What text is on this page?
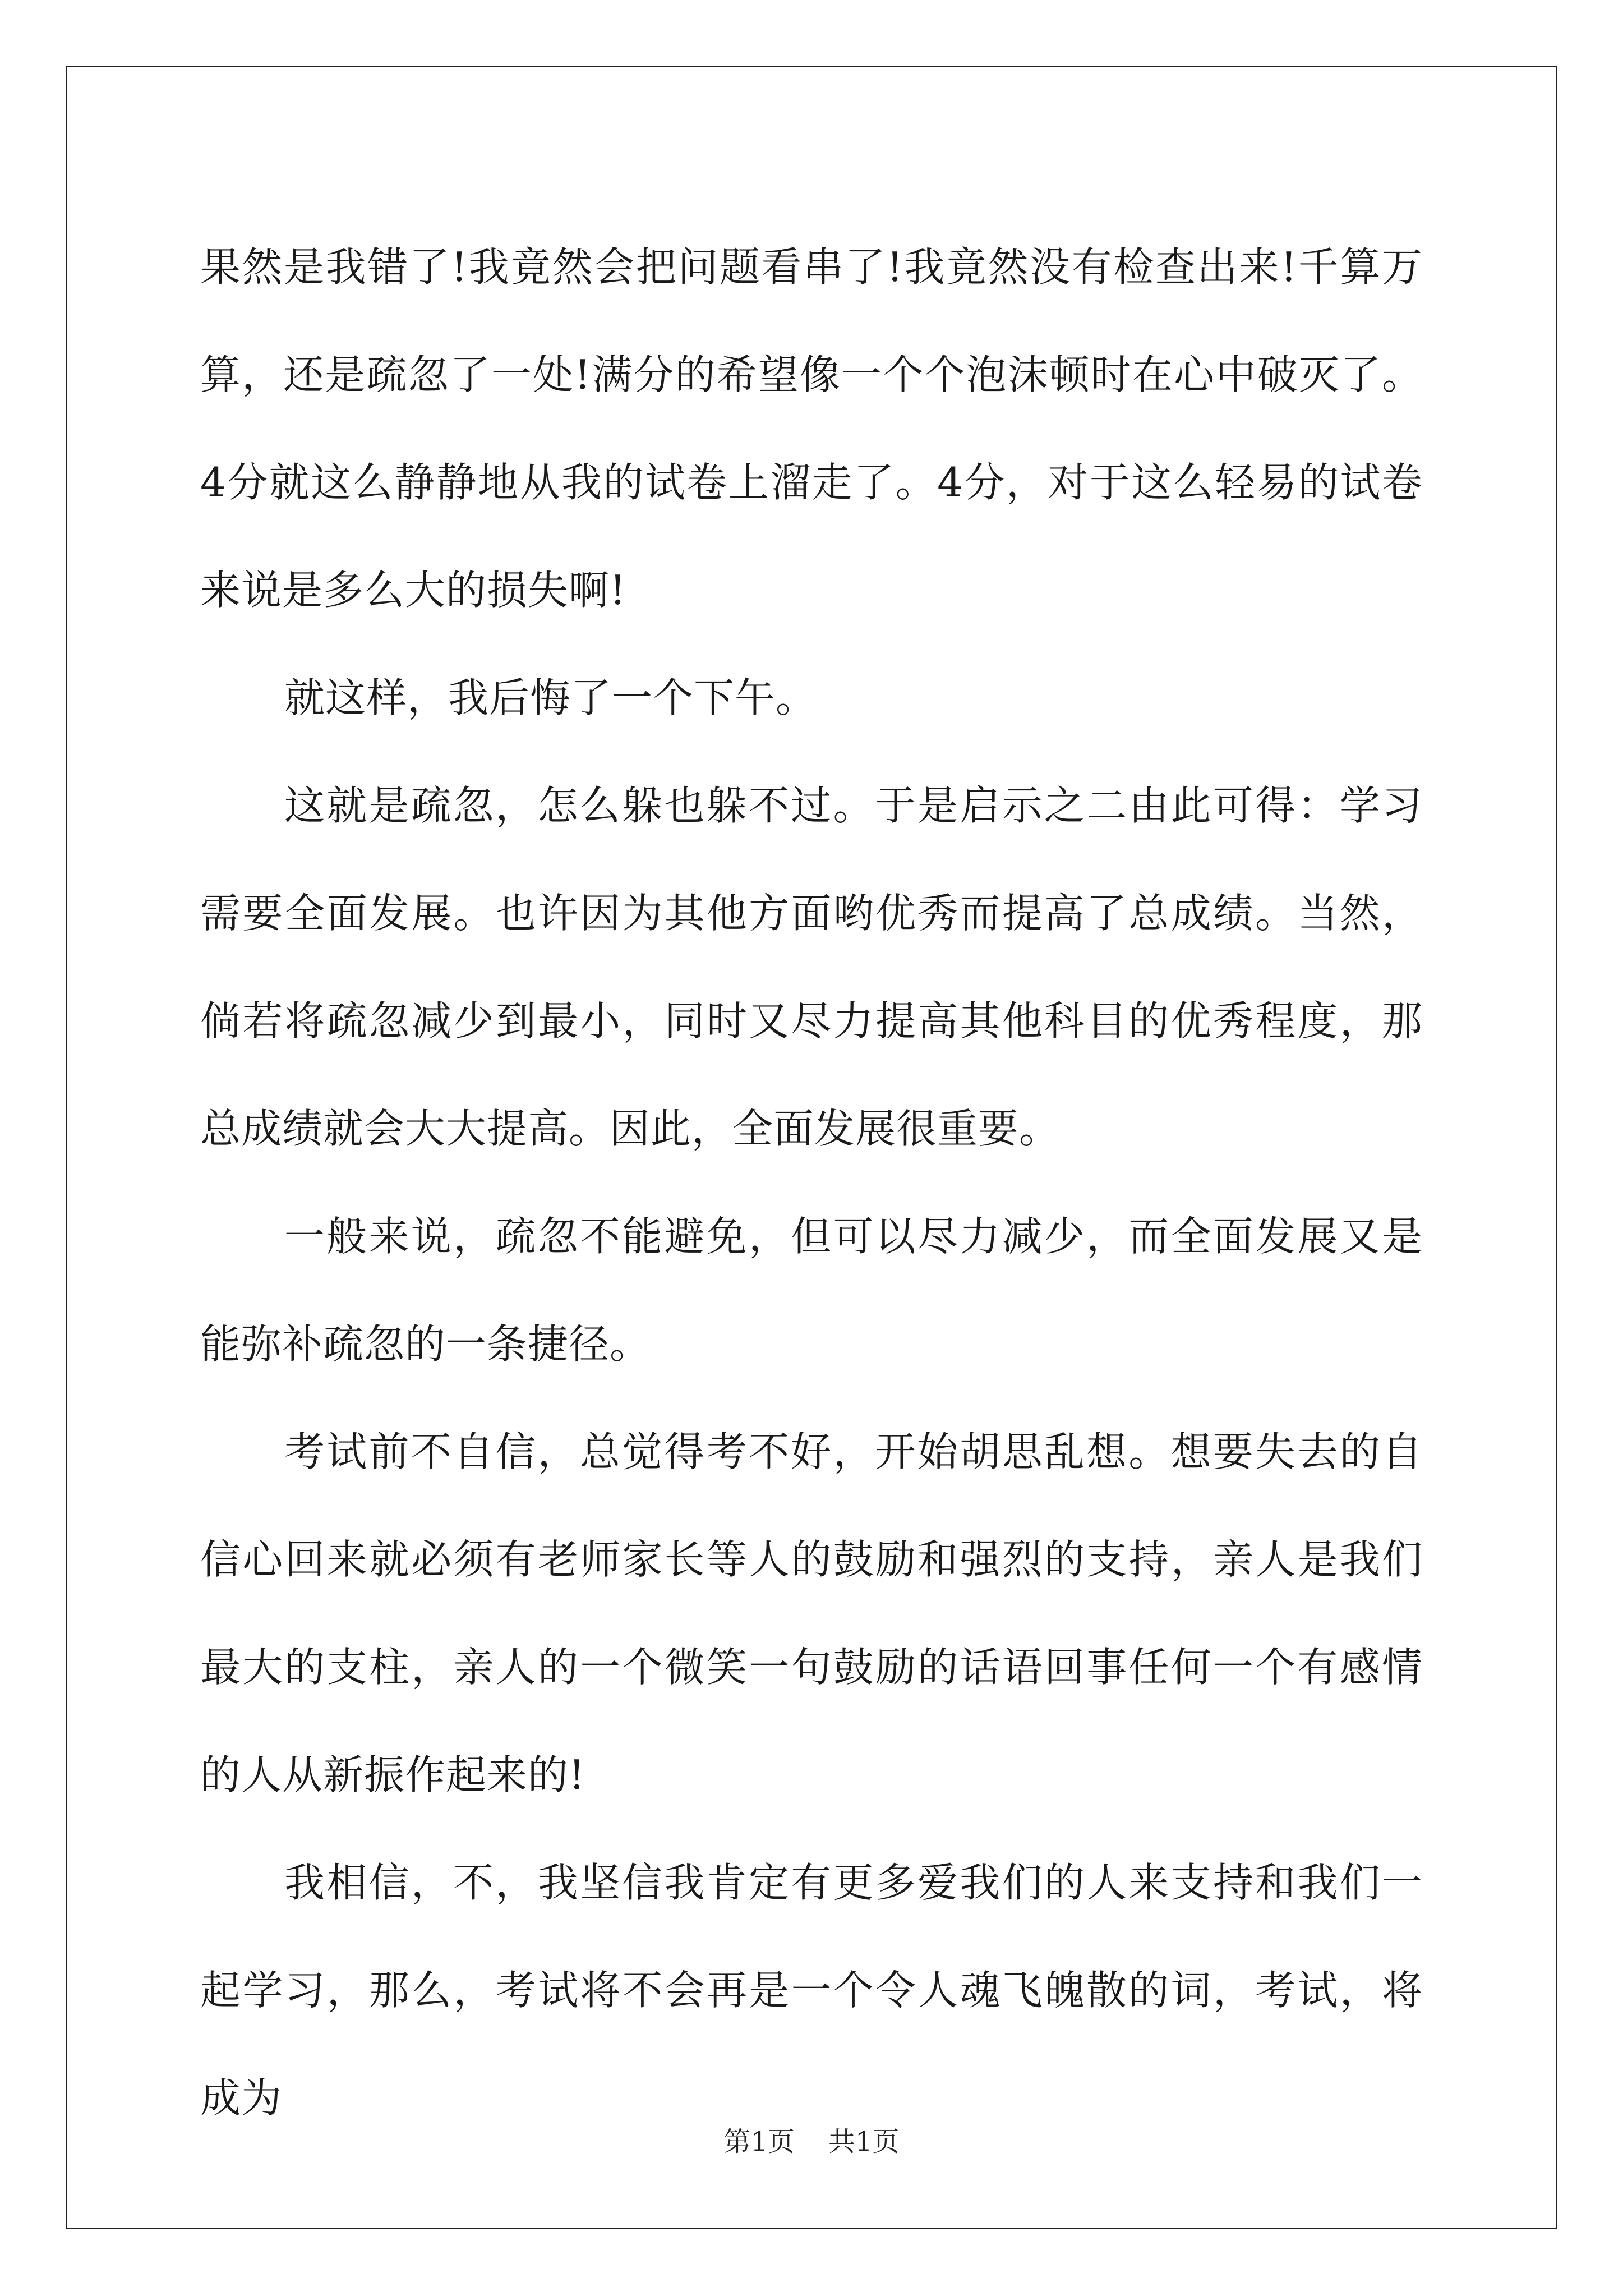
果然是我错了!我竟然会把问题看串了!我竟然没有检查出来!千算万算，还是疏忽了一处!满分的希望像一个个泡沫顿时在心中破灭了。4分就这么静静地从我的试卷上溜走了。4分，对于这么轻易的试卷来说是多么大的损失啊!

就这样，我后悔了一个下午。

这就是疏忽，怎么躲也躲不过。于是启示之二由此可得：学习需要全面发展。也许因为其他方面哟优秀而提高了总成绩。当然，倘若将疏忽减少到最小，同时又尽力提高其他科目的优秀程度，那总成绩就会大大提高。因此，全面发展很重要。

一般来说，疏忽不能避免，但可以尽力减少，而全面发展又是能弥补疏忽的一条捷径。

考试前不自信，总觉得考不好，开始胡思乱想。想要失去的自信心回来就必须有老师家长等人的鼓励和强烈的支持，亲人是我们最大的支柱，亲人的一个微笑一句鼓励的话语回事任何一个有感情的人从新振作起来的!

我相信，不，我坚信我肯定有更多爱我们的人来支持和我们一起学习，那么，考试将不会再是一个令人魂飞魄散的词，考试，将成为

第1页 共1页
